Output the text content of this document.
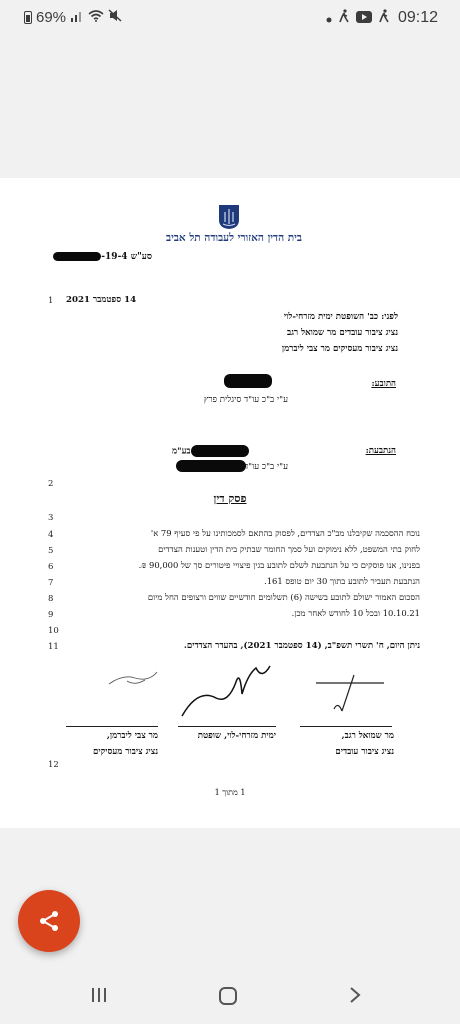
69%	09:12
בית הדין האזורי לעבודה תל אביב
סע"ש 19-4-
1
2
3
4
5
6
7
8
9
10
11
12
14 ספטמבר 2021
לפני: כב' השופטת ימית מזרחי-לוי
נציג ציבור עובדים מר שמואל רגב
נציג ציבור מעסיקים מר צבי ליברמן
התובע:
ע"י ב"כ עו"ד סיגלית פרץ
הנתבעת:
בע"מ
ע"י ב"כ עו"ד
פסק דין
נוכח ההסכמה שקיבלנו מב"כ הצדדים, לפסוק בהתאם לסמכותינו על פי סעיף 79 א'
לחוק בתי המשפט, ללא נימוקים ועל סמך החומר שבתיק בית הדין וטענות הצדדים
בפנינו, אנו פוסקים כי על הנתבעת לשלם לתובע בגין פיצויי פיטורים סך של 90,000 ₪.
הנתבעת תעביר לתובע בתוך 30 יום טופס 161.
הסכום האמור ישולם לתובע בשישה (6) תשלומים חודשיים שווים ורצופים החל מיום
10.10.21 ובכל 10 לחודש לאחר מכן.
ניתן היום, ח' תשרי תשפ"ב, (14 ספטמבר 2021), בהעדר הצדדים.
מר שמואל רגב,
נציג ציבור עובדים
ימית מזרחי-לוי, שופטת
מר צבי ליברמן,
נציג ציבור מעסיקים
1 מתוך 1
